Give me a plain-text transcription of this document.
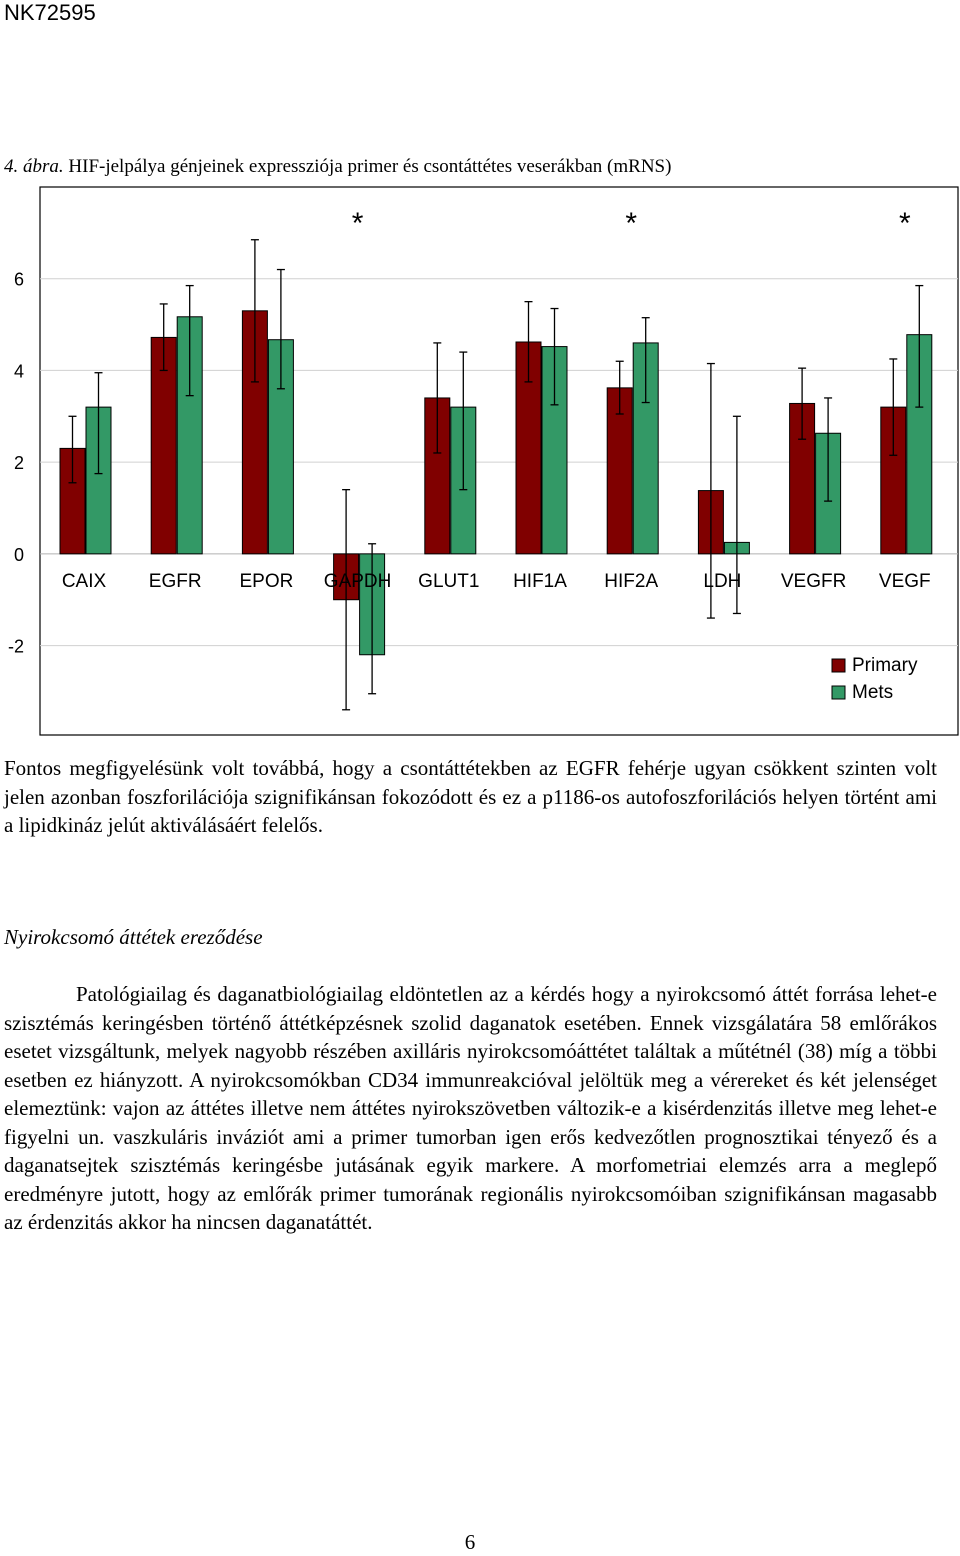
NK72595
4. ábra. HIF-jelpálya génjeinek expressziója primer és csontáttétes veserákban (mRNS)
-2
0
2
4
6
CAIX EGFR EPOR GAPDH GLUT1 HIF1A HIF2A LDH VEGFR VEGF
*	*	*
Primary
Mets

Fontos megfigyelésünk volt továbbá, hogy a csontáttétekben az EGFR fehérje ugyan csökkent szinten volt jelen azonban foszforilációja szignifikánsan fokozódott és ez a p1186-os autofoszforilációs helyen történt ami a lipidkináz jelút aktiválásáért felelős.

Nyirokcsomó áttétek ereződése

Patológiailag és daganatbiológiailag eldöntetlen az a kérdés hogy a nyirokcsomó áttét forrása lehet-e szisztémás keringésben történő áttétképzésnek szolid daganatok esetében. Ennek vizsgálatára 58 emlőrákos esetet vizsgáltunk, melyek nagyobb részében axilláris nyirokcsomóáttétet találtak a műtétnél (38) míg a többi esetben ez hiányzott. A nyirokcsomókban CD34 immunreakcióval jelöltük meg a vérereket és két jelenséget elemeztünk: vajon az áttétes illetve nem áttétes nyirokszövetben változik-e a kisérdenzitás illetve meg lehet-e figyelni un. vaszkuláris inváziót ami a primer tumorban igen erős kedvezőtlen prognosztikai tényező és a daganatsejtek szisztémás keringésbe jutásának egyik markere. A morfometriai elemzés arra a meglepő eredményre jutott, hogy az emlőrák primer tumorának regionális nyirokcsomóiban szignifikánsan magasabb az érdenzitás akkor ha nincsen daganatáttét.

6
